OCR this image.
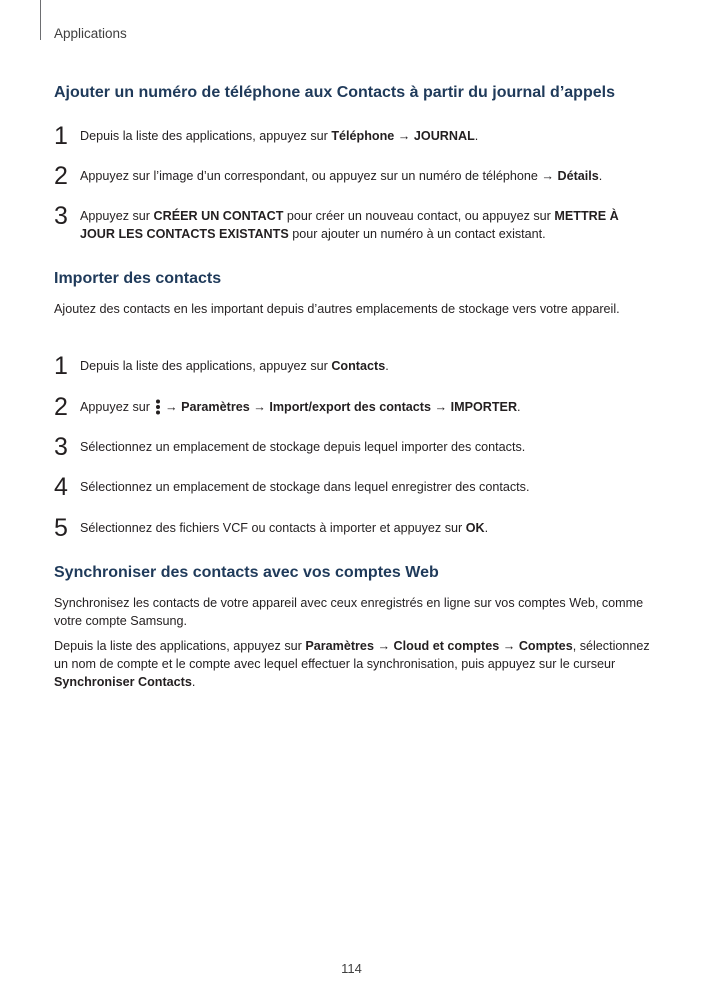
Applications
Ajouter un numéro de téléphone aux Contacts à partir du journal d’appels
1 Depuis la liste des applications, appuyez sur Téléphone → JOURNAL.
2 Appuyez sur l’image d’un correspondant, ou appuyez sur un numéro de téléphone → Détails.
3 Appuyez sur CRÉER UN CONTACT pour créer un nouveau contact, ou appuyez sur METTRE À JOUR LES CONTACTS EXISTANTS pour ajouter un numéro à un contact existant.
Importer des contacts
Ajoutez des contacts en les important depuis d’autres emplacements de stockage vers votre appareil.
1 Depuis la liste des applications, appuyez sur Contacts.
2 Appuyez sur  → Paramètres → Import/export des contacts → IMPORTER.
3 Sélectionnez un emplacement de stockage depuis lequel importer des contacts.
4 Sélectionnez un emplacement de stockage dans lequel enregistrer des contacts.
5 Sélectionnez des fichiers VCF ou contacts à importer et appuyez sur OK.
Synchroniser des contacts avec vos comptes Web
Synchronisez les contacts de votre appareil avec ceux enregistrés en ligne sur vos comptes Web, comme votre compte Samsung.
Depuis la liste des applications, appuyez sur Paramètres → Cloud et comptes → Comptes, sélectionnez un nom de compte et le compte avec lequel effectuer la synchronisation, puis appuyez sur le curseur Synchroniser Contacts.
114
